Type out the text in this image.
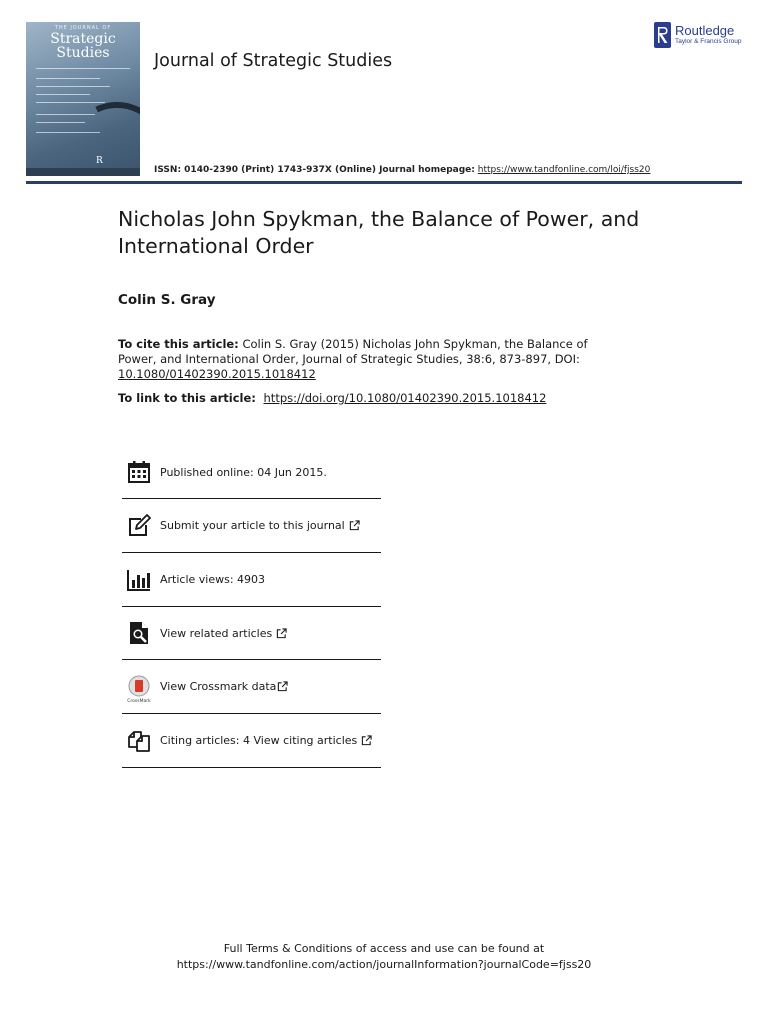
THE JOURNAL OF
Strategic
Studies
R
Journal of Strategic Studies
Routledge
Taylor & Francis Group
ISSN: 0140-2390 (Print) 1743-937X (Online) Journal homepage: https://www.tandfonline.com/loi/fjss20
Nicholas John Spykman, the Balance of Power, and International Order
Colin S. Gray
To cite this article: Colin S. Gray (2015) Nicholas John Spykman, the Balance of Power, and International Order, Journal of Strategic Studies, 38:6, 873-897, DOI: 10.1080/01402390.2015.1018412
To link to this article: https://doi.org/10.1080/01402390.2015.1018412
Published online: 04 Jun 2015.
Submit your article to this journal
Article views: 4903
View related articles
CrossMark
View Crossmark data
Citing articles: 4 View citing articles
Full Terms & Conditions of access and use can be found at
https://www.tandfonline.com/action/journalInformation?journalCode=fjss20
